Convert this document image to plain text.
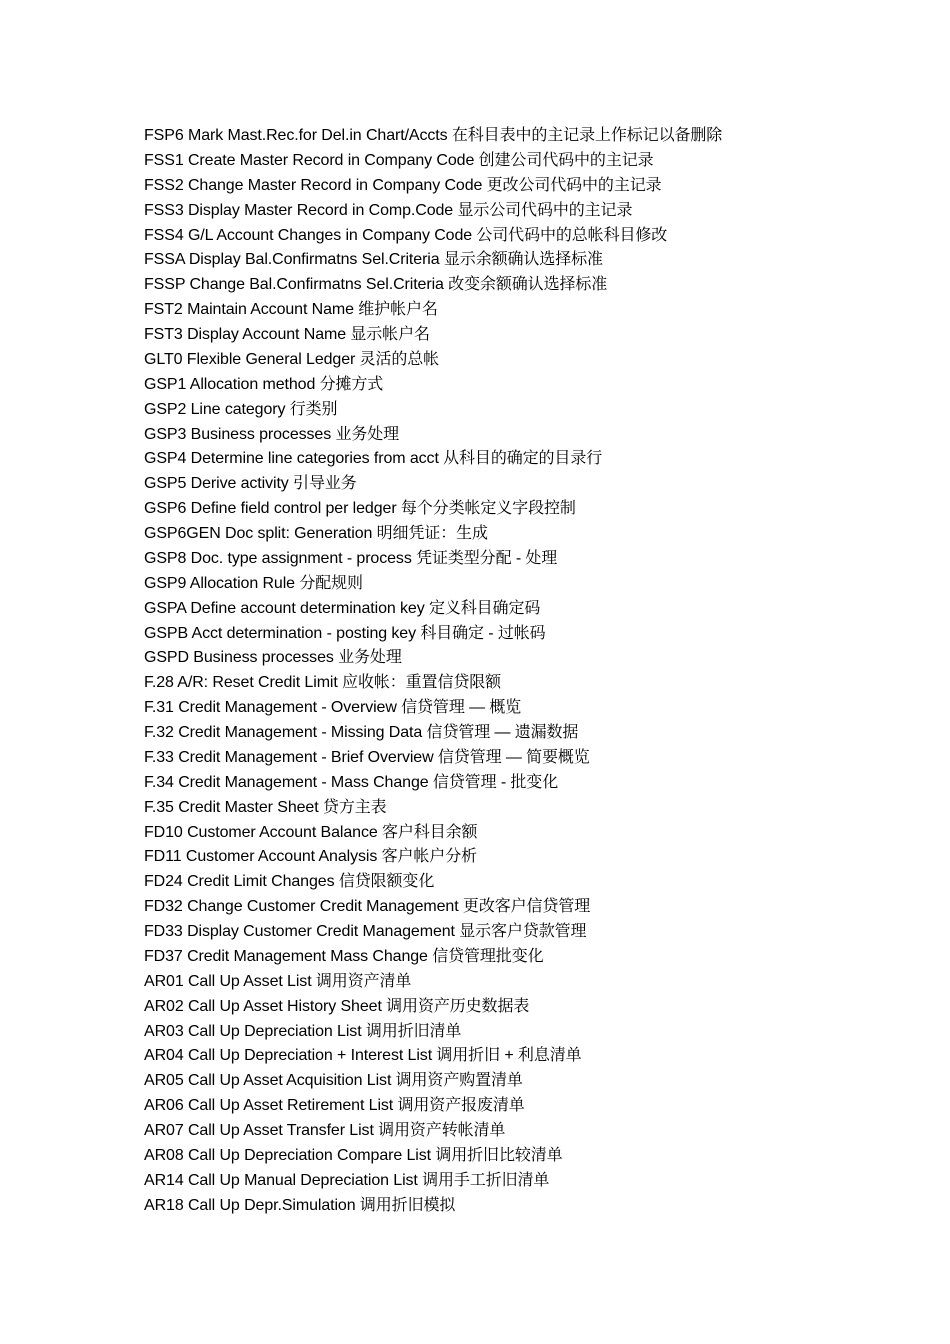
FSP6 Mark Mast.Rec.for Del.in Chart/Accts 在科目表中的主记录上作标记以备删除
FSS1 Create Master Record in Company Code 创建公司代码中的主记录
FSS2 Change Master Record in Company Code 更改公司代码中的主记录
FSS3 Display Master Record in Comp.Code 显示公司代码中的主记录
FSS4 G/L Account Changes in Company Code 公司代码中的总帐科目修改
FSSA Display Bal.Confirmatns Sel.Criteria 显示余额确认选择标准
FSSP Change Bal.Confirmatns Sel.Criteria 改变余额确认选择标准
FST2 Maintain Account Name 维护帐户名
FST3 Display Account Name 显示帐户名
GLT0 Flexible General Ledger 灵活的总帐
GSP1 Allocation method 分摊方式
GSP2 Line category 行类别
GSP3 Business processes 业务处理
GSP4 Determine line categories from acct 从科目的确定的目录行
GSP5 Derive activity 引导业务
GSP6 Define field control per ledger 每个分类帐定义字段控制
GSP6GEN Doc split: Generation 明细凭证：生成
GSP8 Doc. type assignment - process 凭证类型分配 - 处理
GSP9 Allocation Rule 分配规则
GSPA Define account determination key 定义科目确定码
GSPB Acct determination - posting key 科目确定 - 过帐码
GSPD Business processes 业务处理
F.28 A/R: Reset Credit Limit 应收帐：重置信贷限额
F.31 Credit Management - Overview 信贷管理 — 概览
F.32 Credit Management - Missing Data 信贷管理 — 遗漏数据
F.33 Credit Management - Brief Overview 信贷管理 — 简要概览
F.34 Credit Management - Mass Change 信贷管理 - 批变化
F.35 Credit Master Sheet 贷方主表
FD10 Customer Account Balance 客户科目余额
FD11 Customer Account Analysis 客户帐户分析
FD24 Credit Limit Changes 信贷限额变化
FD32 Change Customer Credit Management 更改客户信贷管理
FD33 Display Customer Credit Management 显示客户贷款管理
FD37 Credit Management Mass Change 信贷管理批变化
AR01 Call Up Asset List 调用资产清单
AR02 Call Up Asset History Sheet 调用资产历史数据表
AR03 Call Up Depreciation List 调用折旧清单
AR04 Call Up Depreciation + Interest List 调用折旧 + 利息清单
AR05 Call Up Asset Acquisition List 调用资产购置清单
AR06 Call Up Asset Retirement List 调用资产报废清单
AR07 Call Up Asset Transfer List 调用资产转帐清单
AR08 Call Up Depreciation Compare List 调用折旧比较清单
AR14 Call Up Manual Depreciation List 调用手工折旧清单
AR18 Call Up Depr.Simulation 调用折旧模拟
